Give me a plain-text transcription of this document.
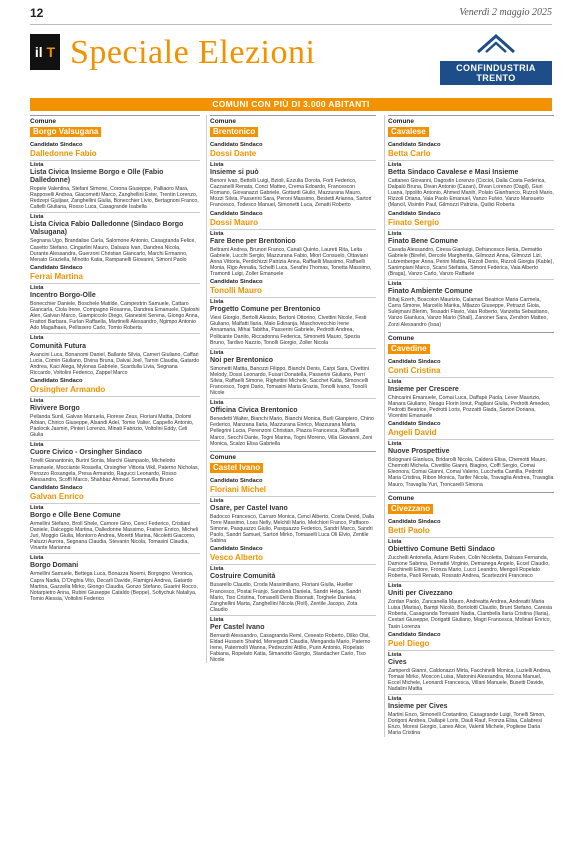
12	Venerdì 2 maggio 2025
il T Speciale Elezioni	CONFINDUSTRIA TRENTO
COMUNI CON PIÙ DI 3.000 ABITANTI
Comune
Borgo Valsugana
Candidato Sindaco
Dalledonne Fabio
Lista
Lista Civica Insieme Borgo e Olle (Fabio Dalledonne)
Ropele Valentina, Stefani Simone, Corona Giuseppe, Palliaoro Mara, Rapposelli Andrea, Giacometti Marco, Zanghellini Ester, Trentin Lorenzo, Redzepi Gjuljaar, Zanghellini Giulia, Bonecchier Livio, Bertagnoni Franco, Caltelli Giuliana, Rosso Luca, Casagrande Isabella
Lista
Lista Civica Fabio Dalledonne (Sindaco Borgo Valsugana)
Segnana Ugo, Brandalise Carla, Salomone Antonio, Casagranda Felice, Casetto Stefano, Cingarlini Mauro, Dalsass Ivan, Dandrea Nicola, Durante Alessandra, Guerzoni Christian Giancarlo, Marchi Ermanno, Menato Graziella, Minotto Katia, Rampanelli Giovanni, Simoni Paolo
Candidato Sindaco
Ferrai Martina
Lista
Incentro Borgo-Olle
Bonecchier Daniele, Boschele Matilde, Campestrin Samuele, Cattaro Giancarla, Ciola Irene, Compagno Rosanna, Dandrea Emanuele, Djaloshi Alen, Galvan Marco, Giampiccolo Diego, Gianesini Serena, Giongo Anna, Frattori Barbara, Furlan Raffaella, Martinelli Alessandro, Ngimpo Antonio Ado Magalhaes, Pellissero Carlo, Tomio Roberta
Lista
Comunità Futura
Avancini Luca, Bonanomi Daniel, Ballante Silvia, Carneri Giuliano, Caffari Lucia, Comin Giuliano, Divina Bruna, Dalvai Joel, Tarnin Claudia, Gatardo Andrea, Kaci Alega, Mylonas Gabriele, Scardulla Livia, Segnana Riccardo, Voltolini Federico, Zappel Marco
Candidato Sindaco
Orsingher Armando
Lista
Rivivere Borgo
Pellanda Sunil, Galvan Manuela, Fiorese Zeus, Floriani Mattia, Dolomi Arbian, Chirico Giuseppe, Alsandi Adel, Tomio Valter, Cappello Antonio, Paolocik Jasmin, Pinteri Lorenzo, Minati Fabrizio, Voltolini Eddy, Celi Giulia
Lista
Cuore Civico - Orsingher Sindaco
Torelli Gianantonio, Burini Sonia, Marchi Giampaolo, Michelotto Emanuele, Mocciante Rossella, Orsingher Vittoria Vikil, Paterno Nicholas, Perozzo Rosangela, Presa Armando, Ragucci Leonardo, Rosso Alessandro, Scoffi Marco, Shahbaz Ahmad, Sommavilla Bruno
Candidato Sindaco
Galvan Enrico
Lista
Borgo e Olle Bene Comune
Armellini Stefano, Broll Shele, Camore Gino, Cenci Federico, Cristiani Daniele, Dalceggio Martina, Dalledonne Massimo, Frainer Enrico, Micheli Juri, Moggio Giulia, Montorro Andrea, Moretti Marina, Nicoletti Giacomo, Paluzzi Aurora, Segnana Claudia, Stevanin Nicola, Tomasini Claudia, Vinante Marianna
Lista
Borgo Domani
Armellini Samuele, Bettega Luca, Bonazza Noemi, Borgogno Veronica, Capra Nadia, D'Onghia Vito, Decarli Davide, Flamigni Andrea, Gatardo Martina, Gazzella Mirko, Giongo Claudia, Gonzo Stefano, Guarini Rocco, Notarpietro Anna, Rubini Giuseppe Cataldo (Beppe), Sofiychuk Nataliya, Tomio Alessia, Voltolini Federico
Comune
Brentonico
Candidato Sindaco
Dossi Dante
Lista
Insieme si può
Benoni Ivan, Bettolli Luigi, Bzioli, Ezzulia Dorota, Forti Federico, Cazzanelli Renata, Conci Matteo, Crema Edoardo, Francescon Romano, Giovanazzi Gabriele, Gottardi Giulio, Mazzurana Mauro, Mozzi Silvia, Passerini Sara, Peroni Massimo, Bestetti Arianna, Sartori Francesco, Todesco Manuel, Simonetti Luca, Zenatti Roberto
Candidato Sindaco
Dossi Mauro
Lista
Fare Bene per Brentonico
Beltrami Andrea, Brunori Franco, Canali Quinto, Laureti Rita, Leita Gabriele, Lucchi Sergio, Mazzurana Fabio, Miori Consuelo, Ottaviani Anna Vittoria, Perdichizzi Patrizia Anna, Raffaelli Massimo, Raffaelli Monia, Rigo Annalia, Schelfi Luca, Serafini Thomas, Tonetta Massimo, Tramonti Luigi, Zoller Emanuele
Candidato Sindaco
Tonolli Mauro
Lista
Progetto Comune per Brentonico
Viesi Giorgio, Bertolli Alessio, Bertoni Ottorino, Civettini Nicole, Festi Giuliano, Malfatti Ilaria, Malo Edinanja, Maschovecchio Irene Annamaria, Mihai Tabitha, Passerini Gabriele, Pedrotti Andrea, Pollicante Danilo, Riccadonna Federica, Simonetti Mauro, Spezia Bruno, Tardivo Nazzio, Tonolli Giorgio, Zoller Nicola
Lista
Noi per Brentonico
Simonetti Mattia, Banozzi Filippo, Bianchi Denis, Carpi Sara, Civettini Melody, Dossi Leonardo, Fusari Donatella, Passerini Giuliano, Perri Silvia, Raffaelli Simone, Righettini Michele, Sacchet Katia, Simoncelli Francesco, Togni Dario, Tomasini Maria Grazia, Tonolli Ivano, Tonolli Nicole
Lista
Officina Civica Brentonico
Benedetti Walter, Bianchi Mario, Bianchi Monica, Burli Gianpiero, Chino Federico, Manzana Ilaria, Mazzurana Enrico, Mazzurana Marta, Pellegrini Lucia, Perenzoni Christian, Piazza Francesca, Raffaelli Marco, Secchi Dante, Togni Marina, Togni Moreno, Villa Giovanni, Zeni Monica, Scalzo Elisa Gabriella
Comune
Castel Ivano
Candidato Sindaco
Floriani Michel
Lista
Osare, per Castel Ivano
Badocco Francesco, Carraro Monica, Cenci Alberto, Costa Devid, Dalla Torre Massimo, Loss Nelly, Melchili Mario, Melchiori Franco, Paffaoro Simone, Pasquazzo Giulio, Pasquazzo Federico, Sandri Marco, Sandri Paolo, Sandri Samuel, Sartori Mirko, Tomaselli Luca Oli Elvio, Zentile Sabina
Candidato Sindaco
Vesco Alberto
Lista
Costruire Comunità
Busarello Claudio, Croda Massimiliano, Floriani Giulia, Hueller Francesco, Postai Franjo, Sandonà Daniela, Sandri Helga, Sandri Mario, Tiso Cristina, Tomaselli Denis Bisonati, Torghele Daniela, Zanghellini Marta, Zanghellini Nicola (Roll), Zentile Jacopo, Zota Claudio
Lista
Per Castel Ivano
Bernardi Alessandro, Casagranda Remi, Ceseato Roberto, Dilko Olsi, Eldad Hussein Shahid, Menegardi Claudia, Menganda Mario, Paterno Irene, Patermolli Wanna, Pedrezzini Attilio, Purin Antonio, Ropelato Fabiana, Ropelato Katia, Simanotto Giorgio, Standacher Carlo, Tiso Nicole
Comune
Cavalese
Candidato Sindaco
Betta Carlo
Lista
Betta Sindaco Cavalese e Masi Insieme
Cattaneo Giovanni, Dagostin Lorenzo (Cicciol, Dalla Costa Federica, Dalpalù Bruna, Divan Antonio (Cazan), Divan Lorenzo (Dagil), Giuri Luana, Ippolito Antonio, Ahmed Manih, Polato Gianfranco, Rizzoli Mario, Rizzoli Oriana, Vaia Paolo Emanuel, Vanzo Fulvio, Vanzo Mansueto (Mancil, Visintin Paul, Gilmozzi Patrizia, Quilici Roberta
Candidato Sindaco
Finato Sergio
Lista
Finato Bene Comune
Cavada Alessandro, Ciresa Gianluigi, Defrancesco Ilenia, Demattio Gabriele (Birefel, Dercole Margherita, Gilmozzi Anna, Gilmozzi Lizi, Lutzemberger Anna, Perini Mattia, Rizzoli Denis, Rizzoli Giorgia (Kable), Sanimpiani Marco, Scarsi Stefania, Simoni Federica, Vaia Alberto (Braga), Vanzo Carlo, Vanzo Raffaele
Lista
Finato Ambiente Comune
Bihaj Ezerh, Boscolon Maurizio, Calamari Beatrice Maria Carmela, Carra Simone, Marcello Marika, Milazzo Giuseppe, Petrazzi Gioia, Sulejmani Blerim, Tessadri Flavio, Vaia Roberto, Vanzetta Sebastiano, Vanzo Gianluca, Vanzo Mario (Shail), Zanoner Sara, Zendron Matteo, Zorzi Alessandro (Issa)
Comune
Cavedine
Candidato Sindaco
Conti Cristina
Lista
Insieme per Crescere
Chincarini Emanuele, Comai Luca, Daffapè Paola, Lever Maurizio, Manara Giuliano, Neagu Florin Ionut, Pagliani Giulia, Pedrotti Amedeo, Pedrotti Beatrice, Pedrotti Loris, Pozzatti Giada, Sartori Doriana, Vicentini Emanuele
Candidato Sindaco
Angeli David
Lista
Nuove Prospettive
Bolognani Gianluca, Bridarolli Nicola, Caldera Elisa, Chemotti Mauro, Chemotti Michela, Civettilio Gianni, Biagino, Coffi Sergio, Comai Eleonora, Comai Gianni, Comai Valerio, Lucchetta Camilla, Pedrotti Maria Cristina, Ribon Monica, Tarifer Nicola, Travaglia Andrea, Travaglia Mauro, Travaglia Yuri, Troncarelli Simona
Comune
Civezzano
Candidato Sindaco
Betti Paolo
Lista
Obiettivo Comune Betti Sindaco
Zucchelli Antonella, Adami Ruben, Colin Nicoletta, Dalsass Fernanda, Damone Sabrina, Dematté Virginio, Demanega Angelo, Eccel Claudio, Facchinelli Ettore, Fronza Mario, Lucci Leandro, Mengoli Ropelato Roberta, Paoli Renato, Rossato Andrea, Scartezzini Francesco
Lista
Uniti per Civezzano
Zordan Paolo, Zancanella Mauro, Andreatta Andrea, Andreatti Maria Luisa (Marisa), Bampi Nicolò, Bortolotti Claudio, Brunt Stefano, Caresia Roberta, Casagranda Tomasini Nadia, Ciambella Ilaria Cristina (Ilaria), Cestari Giuseppe, Dorigatti Giuliano, Magri Francesca, Molinari Enrico, Tasin Lorenza
Candidato Sindaco
Puel Diego
Lista
Cives
Zamperdi Gianni, Caldonazzi Mirta, Facchinelli Monica, Luzielli Andrea, Tomasi Mirko, Moscon Luisa, Matonini Alessandra, Mosna Manuel, Eccel Michele, Leonardi Francesca, Villani Manuele, Busetti Davide, Nadalini Mattia
Lista
Insieme per Cives
Martini Enzo, Simonelli Costantino, Casagrande Luigi, Tonelli Simon, Dorigoni Andrea, Dallapè Loris, Dauli Rauf, Fronza Elisa, Calabresi Enzo, Moresi Giorgio, Lanes Alice, Valenti Michele, Pogliese Daria Maria Cristina
